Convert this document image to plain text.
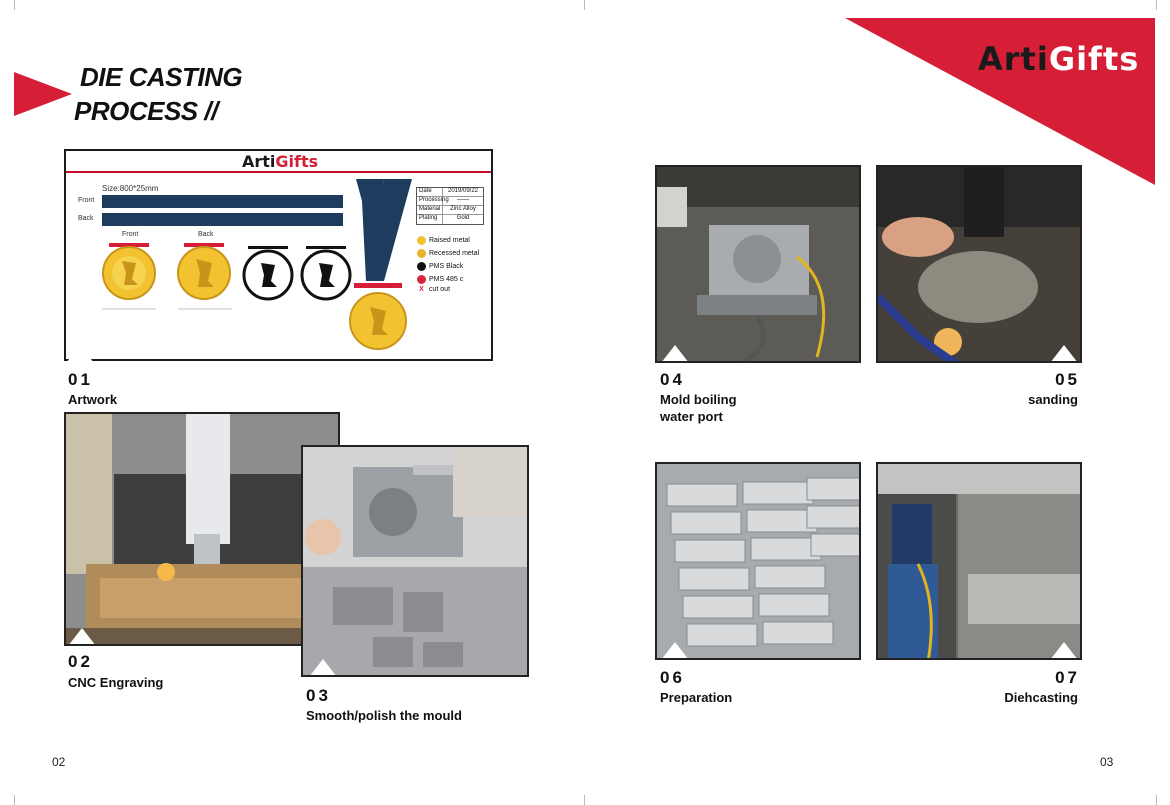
DIE CASTING
PROCESS //
ArtiGifts
ArtiGifts
Size:800*25mm
Front
Back
Front	Back
Date	2019/09/22
Processing	——
Material	Zinc Alloy
Plating	Gold
Raised metal
Recessed metal
PMS Black
PMS 485 c
X cut out
01
Artwork
02
CNC Engraving
03
Smooth/polish the mould
04
Mold boiling water port
05
sanding
06
Preparation
07
Diehcasting
02	03
